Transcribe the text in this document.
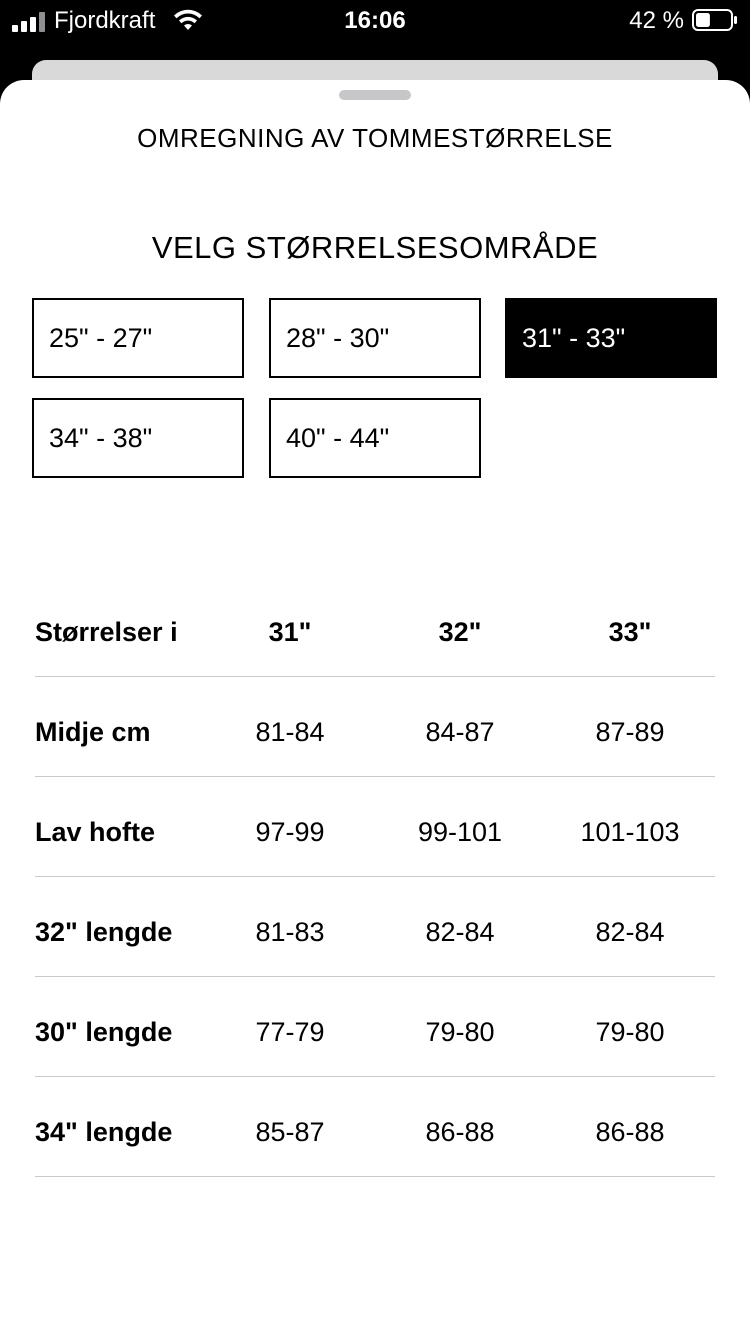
Fjordkraft	16:06	42 %
OMREGNING AV TOMMESTØRRELSE
VELG STØRRELSESOMRÅDE
25" - 27"	28" - 30"	31" - 33"
34" - 38"	40" - 44"
Størrelser i	31"	32"	33"
Midje cm	81-84	84-87	87-89
Lav hofte	97-99	99-101	101-103
32" lengde	81-83	82-84	82-84
30" lengde	77-79	79-80	79-80
34" lengde	85-87	86-88	86-88
